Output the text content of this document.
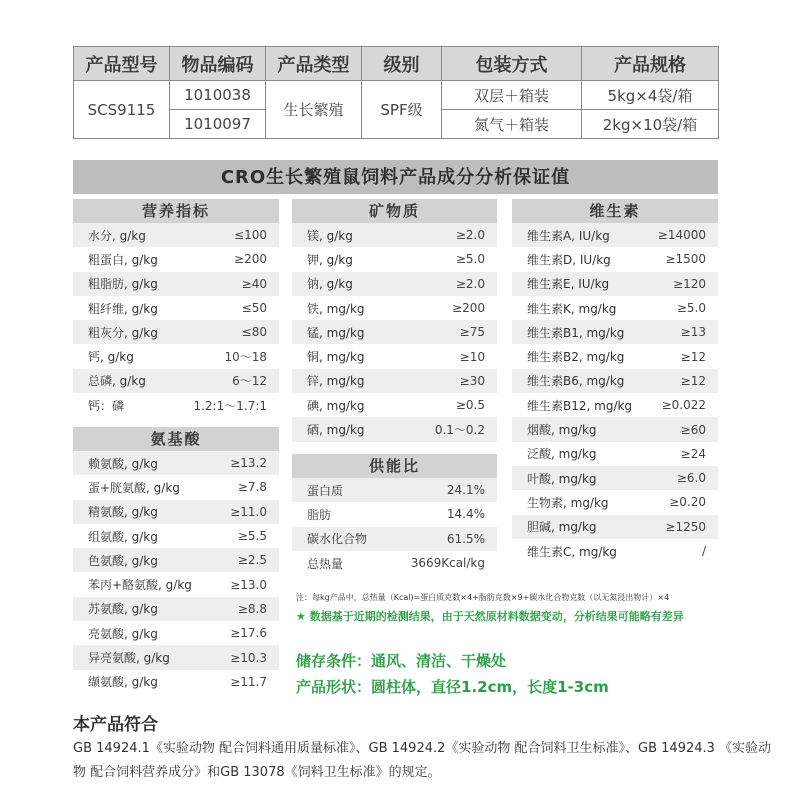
产品型号	物品编码	产品类型	级别	包装方式	产品规格
SCS9115	1010038	生长繁殖	SPF级	双层＋箱装	5kg×4袋/箱
	1010097			氮气＋箱装	2kg×10袋/箱
CRO生长繁殖鼠饲料产品成分分析保证值
营养指标
水分, g/kg	≤100
粗蛋白, g/kg	≥200
粗脂肪, g/kg	≥40
粗纤维, g/kg	≤50
粗灰分, g/kg	≤80
钙, g/kg	10～18
总磷, g/kg	6～12
钙：磷	1.2:1～1.7:1
氨基酸
赖氨酸, g/kg	≥13.2
蛋+胱氨酸, g/kg	≥7.8
精氨酸, g/kg	≥11.0
组氨酸, g/kg	≥5.5
色氨酸, g/kg	≥2.5
苯丙+酪氨酸, g/kg	≥13.0
苏氨酸, g/kg	≥8.8
亮氨酸, g/kg	≥17.6
异亮氨酸, g/kg	≥10.3
缬氨酸, g/kg	≥11.7
矿物质
镁, g/kg	≥2.0
钾, g/kg	≥5.0
钠, g/kg	≥2.0
铁, mg/kg	≥200
锰, mg/kg	≥75
铜, mg/kg	≥10
锌, mg/kg	≥30
碘, mg/kg	≥0.5
硒, mg/kg	0.1～0.2
供能比
蛋白质	24.1%
脂肪	14.4%
碳水化合物	61.5%
总热量	3669Kcal/kg
维生素
维生素A, IU/kg	≥14000
维生素D, IU/kg	≥1500
维生素E, IU/kg	≥120
维生素K, mg/kg	≥5.0
维生素B1, mg/kg	≥13
维生素B2, mg/kg	≥12
维生素B6, mg/kg	≥12
维生素B12, mg/kg ≥0.022
烟酸, mg/kg	≥60
泛酸, mg/kg	≥24
叶酸, mg/kg	≥6.0
生物素, mg/kg	≥0.20
胆碱, mg/kg	≥1250
维生素C, mg/kg	/
注：每kg产品中，总热量（Kcal)=蛋白质克数×4+脂肪克数×9+碳水化合物克数（以无氮浸出物计）×4
★ 数据基于近期的检测结果，由于天然原材料数据变动，分析结果可能略有差异
储存条件：通风、清洁、干燥处
产品形状：圆柱体，直径1.2cm，长度1-3cm
本产品符合
GB 14924.1《实验动物 配合饲料通用质量标准》、GB 14924.2《实验动物 配合饲料卫生标准》、GB 14924.3 《实验动物 配合饲料营养成分》和GB 13078《饲料卫生标准》的规定。
